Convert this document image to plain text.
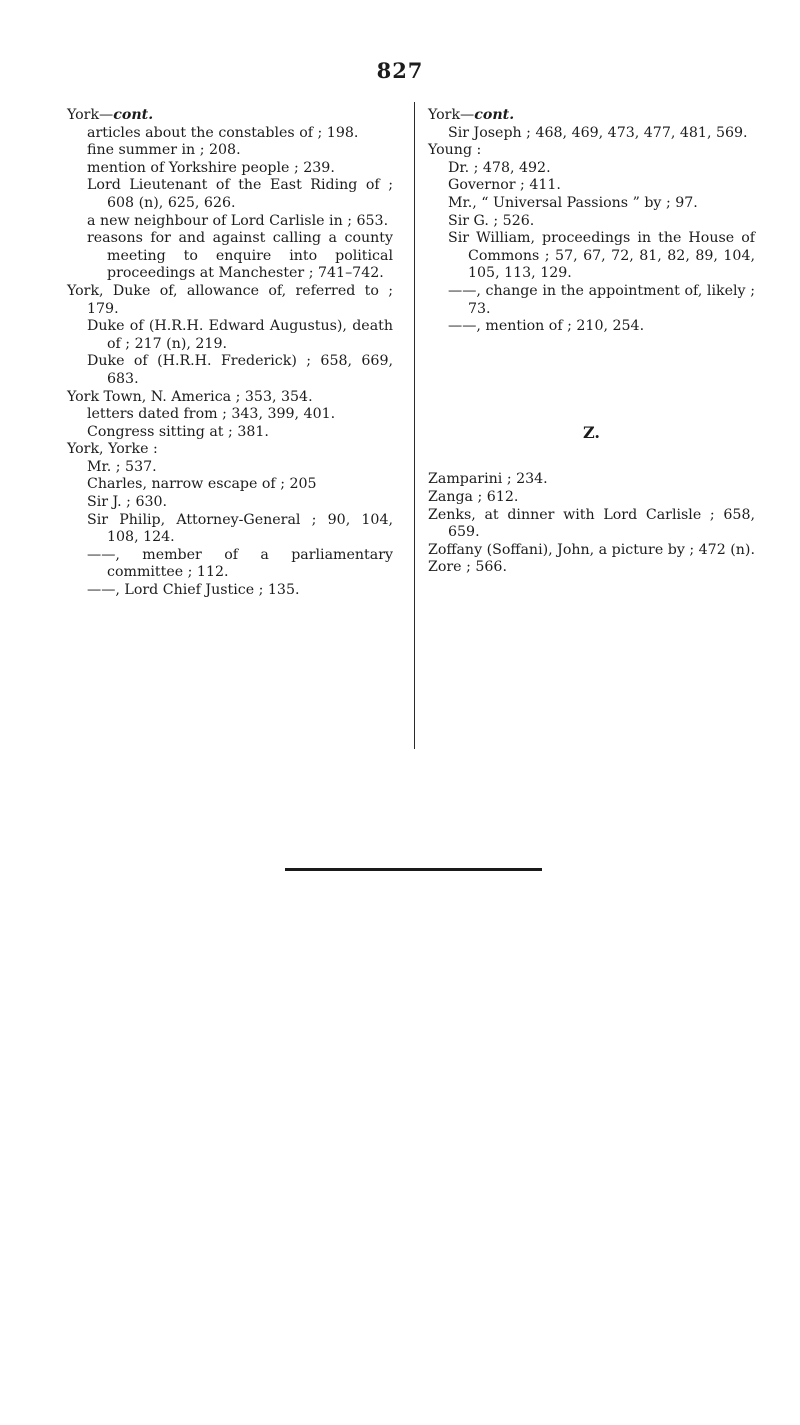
827

York—cont.

articles about the constables of ; 198.

fine summer in ; 208.

mention of Yorkshire people ; 239.

Lord Lieutenant of the East Riding of ; 608 (n), 625, 626.

a new neighbour of Lord Carlisle in ; 653.

reasons for and against calling a county meeting to enquire into political proceedings at Manchester ; 741–742.

York, Duke of, allowance of, referred to ; 179.

Duke of (H.R.H. Edward Augustus), death of ; 217 (n), 219.

Duke of (H.R.H. Frederick) ; 658, 669, 683.

York Town, N. America ; 353, 354.

letters dated from ; 343, 399, 401.

Congress sitting at ; 381.

York, Yorke :

Mr. ; 537.

Charles, narrow escape of ; 205

Sir J. ; 630.

Sir Philip, Attorney-General ; 90, 104, 108, 124.

——, member of a parliamentary committee ; 112.

——, Lord Chief Justice ; 135.

York—cont.

Sir Joseph ; 468, 469, 473, 477, 481, 569.

Young :

Dr. ; 478, 492.

Governor ; 411.

Mr., “ Universal Passions ” by ; 97.

Sir G. ; 526.

Sir William, proceedings in the House of Commons ; 57, 67, 72, 81, 82, 89, 104, 105, 113, 129.

——, change in the appointment of, likely ; 73.

——, mention of ; 210, 254.

Z.

Zamparini ; 234.

Zanga ; 612.

Zenks, at dinner with Lord Carlisle ; 658, 659.

Zoffany (Soffani), John, a picture by ; 472 (n).

Zore ; 566.
